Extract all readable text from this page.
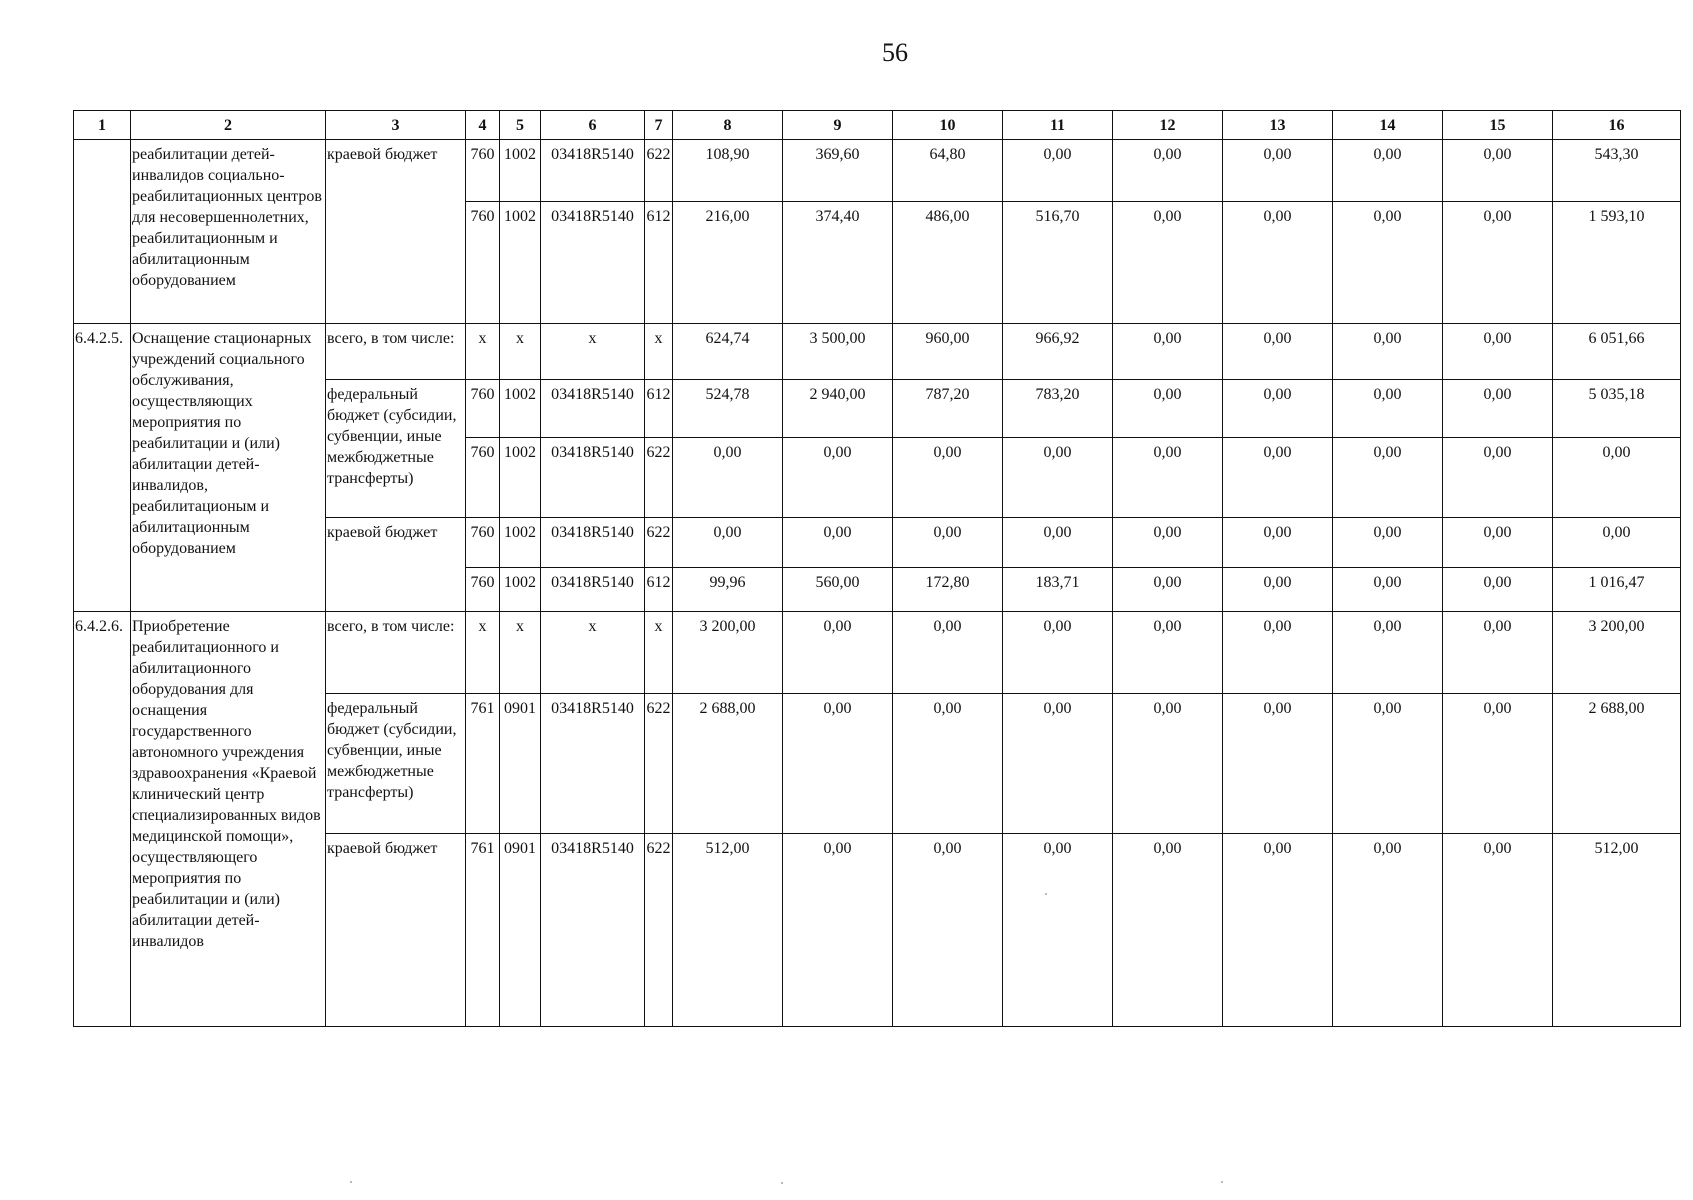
56
1	2	3	4	5	6	7	8	9	10	11	12	13	14	15	16
	реабилитации детей-инвалидов социально-реабилитационных центров для несовершеннолетних, реабилитационным и абилитационным оборудованием	краевой бюджет	760	1002	03418R5140	622	108,90	369,60	64,80	0,00	0,00	0,00	0,00	0,00	543,30
			760	1002	03418R5140	612	216,00	374,40	486,00	516,70	0,00	0,00	0,00	0,00	1 593,10
6.4.2.5.	Оснащение стационарных учреждений социального обслуживания, осуществляющих мероприятия по реабилитации и (или) абилитации детей-инвалидов, реабилитационым и абилитационным оборудованием	всего, в том числе:	х	х	х	х	624,74	3 500,00	960,00	966,92	0,00	0,00	0,00	0,00	6 051,66
		федеральный бюджет (субсидии, субвенции, иные межбюджетные трансферты)	760	1002	03418R5140	612	524,78	2 940,00	787,20	783,20	0,00	0,00	0,00	0,00	5 035,18
			760	1002	03418R5140	622	0,00	0,00	0,00	0,00	0,00	0,00	0,00	0,00	0,00
		краевой бюджет	760	1002	03418R5140	622	0,00	0,00	0,00	0,00	0,00	0,00	0,00	0,00	0,00
			760	1002	03418R5140	612	99,96	560,00	172,80	183,71	0,00	0,00	0,00	0,00	1 016,47
6.4.2.6.	Приобретение реабилитационного и абилитационного оборудования для оснащения государственного автономного учреждения здравоохранения «Краевой клинический центр специализированных видов медицинской помощи», осуществляющего мероприятия по реабилитации и (или) абилитации детей-инвалидов	всего, в том числе:	х	х	х	х	3 200,00	0,00	0,00	0,00	0,00	0,00	0,00	0,00	3 200,00
		федеральный бюджет (субсидии, субвенции, иные межбюджетные трансферты)	761	0901	03418R5140	622	2 688,00	0,00	0,00	0,00	0,00	0,00	0,00	0,00	2 688,00
		краевой бюджет	761	0901	03418R5140	622	512,00	0,00	0,00	0,00	0,00	0,00	0,00	0,00	512,00
